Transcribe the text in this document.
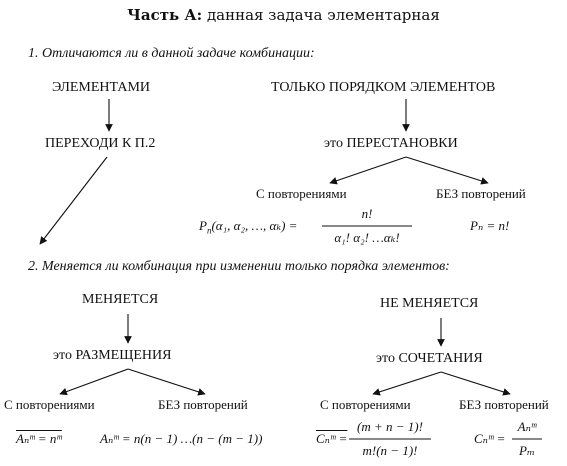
Часть А: данная задача элементарная
1. Отличаются ли в данной задаче комбинации:
ЭЛЕМЕНТАМИ	ТОЛЬКО ПОРЯДКОМ ЭЛЕМЕНТОВ
ПЕРЕХОДИ К П.2	это ПЕРЕСТАНОВКИ
С повторениями	БЕЗ повторений
$P_n(\alpha_1$, α₂, …, αₖ) =
n!
α₁! α₂! …αₖ!
Pₙ = n!
2. Меняется ли комбинация при изменении только порядка элементов:
МЕНЯЕТСЯ	НЕ МЕНЯЕТСЯ
это РАЗМЕЩЕНИЯ	это СОЧЕТАНИЯ
С повторениями	БЕЗ повторений	С повторениями	БЕЗ повторений
Aₙᵐ = nᵐ	Aₙᵐ = n(n − 1) …(n − (m − 1))	Cₙᵐ =
(m + n − 1)!
m!(n − 1)!
Cₙᵐ =
Aₙᵐ
Pₘ
